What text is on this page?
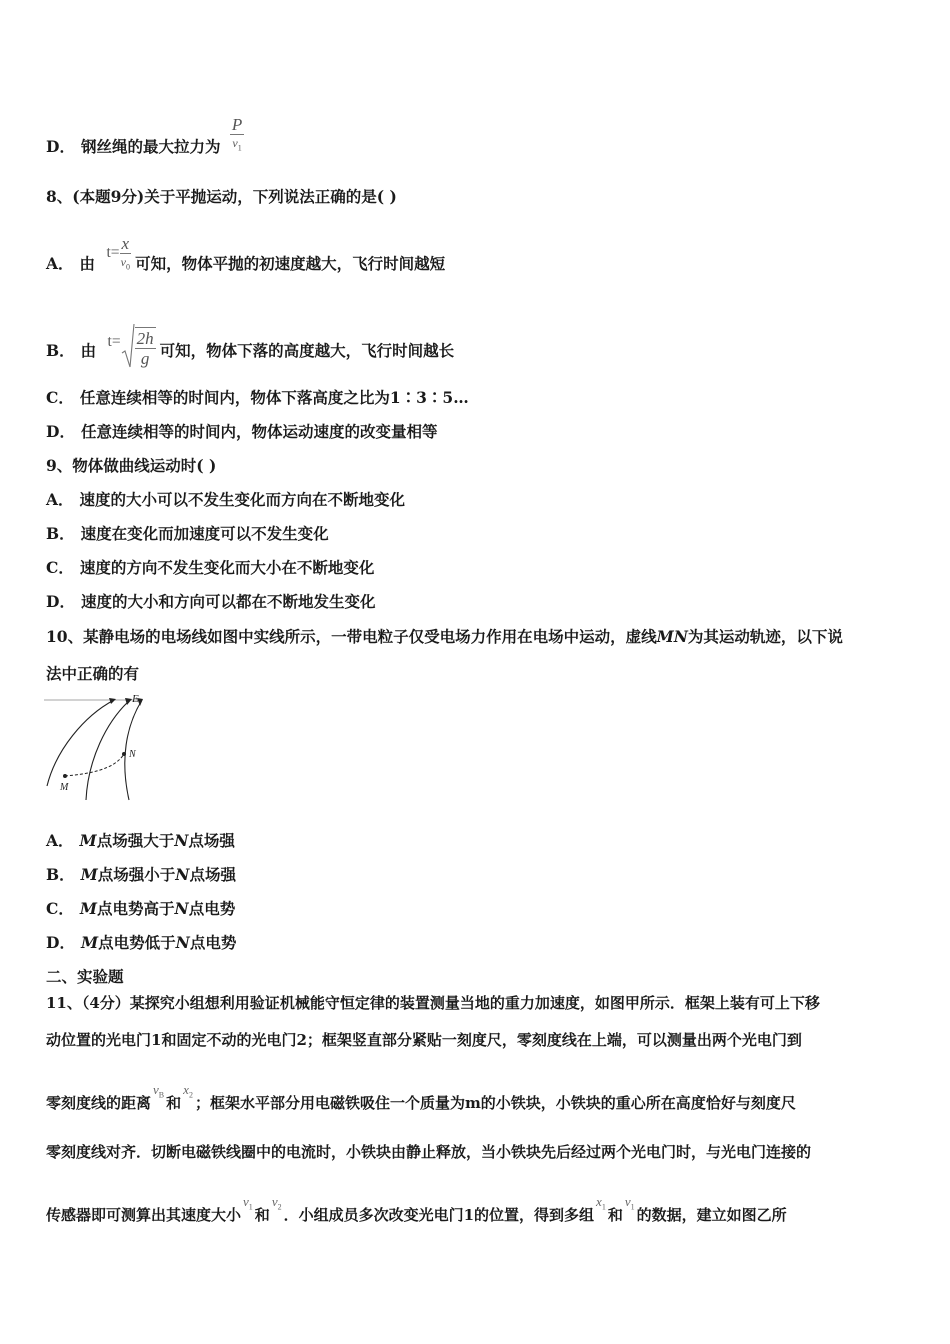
D． 钢丝绳的最大拉力为 $\frac{P}{v_1}$
8、(本题9分)关于平抛运动，下列说法正确的是( )
A． 由 $t= \frac{x}{v_0}$ 可知，物体平抛的初速度越大，飞行时间越短
B． 由 $t= \frac{2h}{g}$ 可知，物体下落的高度越大，飞行时间越长
C． 任意连续相等的时间内，物体下落高度之比为1∶3∶5…
D． 任意连续相等的时间内，物体运动速度的改变量相等
9、物体做曲线运动时( )
A． 速度的大小可以不发生变化而方向在不断地变化
B． 速度在变化而加速度可以不发生变化
C． 速度的方向不发生变化而大小在不断地变化
D． 速度的大小和方向可以都在不断地发生变化
10、某静电场的电场线如图中实线所示，一带电粒子仅受电场力作用在电场中运动，虚线MN为其运动轨迹，以下说
法中正确的有
E
N
M
A． M点场强大于N点场强
B． M点场强小于N点场强
C． M点电势高于N点电势
D． M点电势低于N点电势
二、实验题
11、（4分）某探究小组想利用验证机械能守恒定律的装置测量当地的重力加速度，如图甲所示．框架上装有可上下移
动位置的光电门1和固定不动的光电门2；框架竖直部分紧贴一刻度尺，零刻度线在上端，可以测量出两个光电门到
零刻度线的距离$v_B$ 和$x_2$ ；框架水平部分用电磁铁吸住一个质量为m的小铁块，小铁块的重心所在高度恰好与刻度尺
零刻度线对齐．切断电磁铁线圈中的电流时，小铁块由静止释放，当小铁块先后经过两个光电门时，与光电门连接的
传感器即可测算出其速度大小$v_1$ 和$v_2$ ．小组成员多次改变光电门1的位置，得到多组$x_1$ 和$v_1$ 的数据，建立如图乙所
